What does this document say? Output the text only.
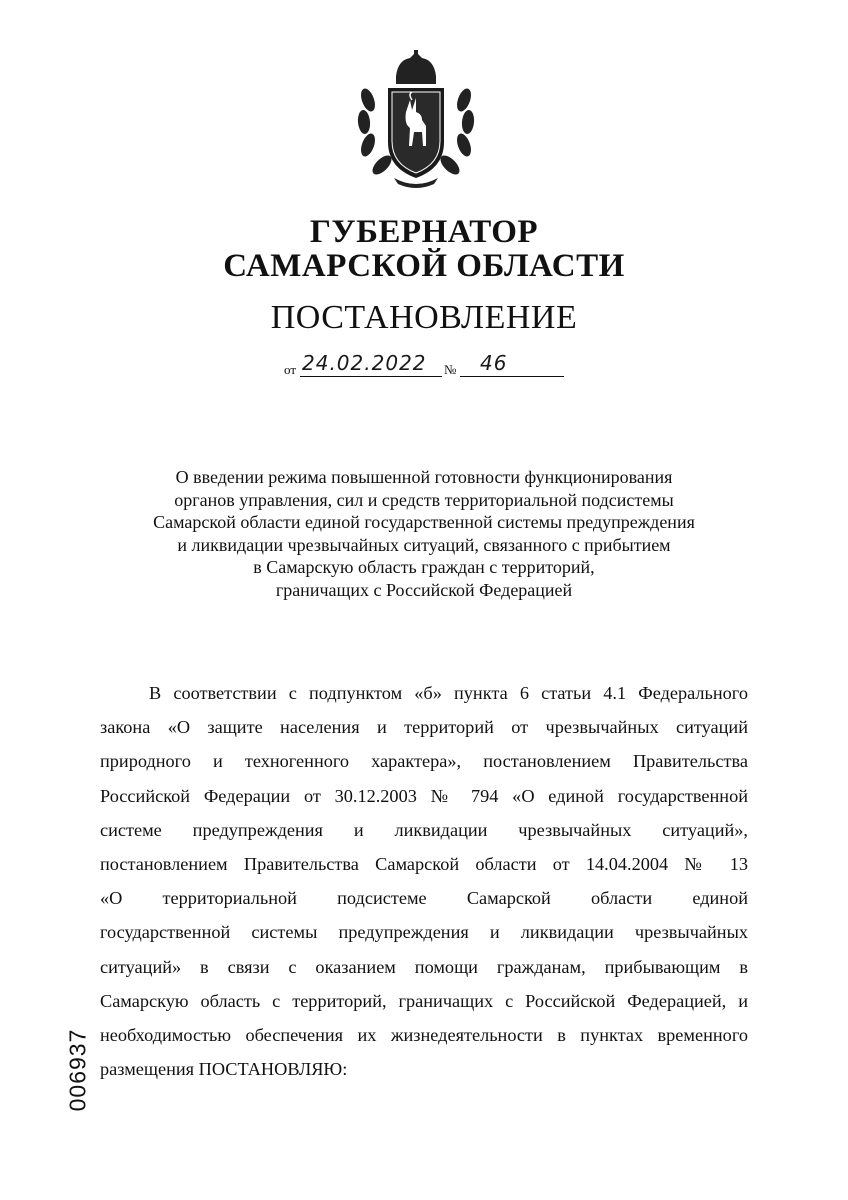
ГУБЕРНАТОР
САМАРСКОЙ ОБЛАСТИ
ПОСТАНОВЛЕНИЕ
от 24.02.2022 № 46
О введении режима повышенной готовности функционирования
органов управления, сил и средств территориальной подсистемы
Самарской области единой государственной системы предупреждения
и ликвидации чрезвычайных ситуаций, связанного с прибытием
в Самарскую область граждан с территорий,
граничащих с Российской Федерацией
В соответствии с подпунктом «б» пункта 6 статьи 4.1 Федерального
закона «О защите населения и территорий от чрезвычайных ситуаций
природного и техногенного характера», постановлением Правительства
Российской Федерации от 30.12.2003 № 794 «О единой государственной
системе предупреждения и ликвидации чрезвычайных ситуаций»,
постановлением Правительства Самарской области от 14.04.2004 № 13
«О территориальной подсистеме Самарской области единой
государственной системы предупреждения и ликвидации чрезвычайных
ситуаций» в связи с оказанием помощи гражданам, прибывающим в
Самарскую область с территорий, граничащих с Российской Федерацией, и
необходимостью обеспечения их жизнедеятельности в пунктах временного
размещения ПОСТАНОВЛЯЮ:
006937
